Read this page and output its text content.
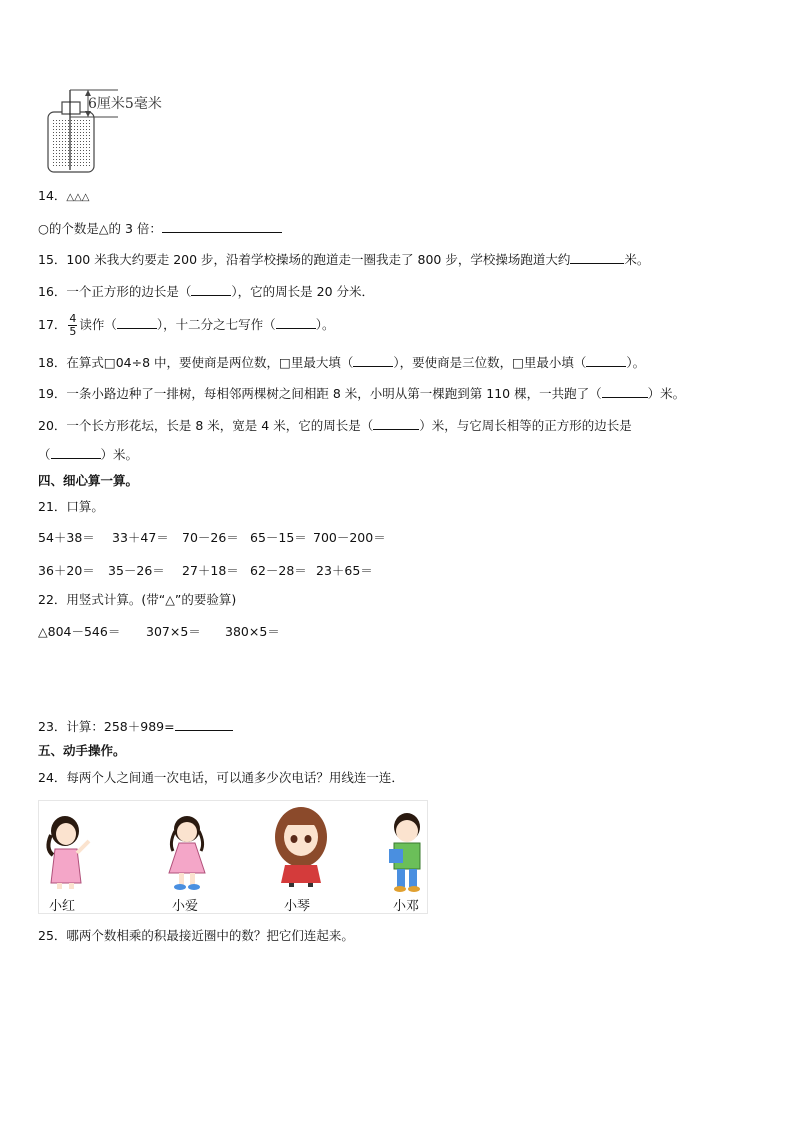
6厘米5毫米
14．△△△
○的个数是△的 3 倍：
15．100 米我大约要走 200 步，沿着学校操场的跑道走一圈我走了 800 步，学校操场跑道大约	米。
16．一个正方形的边长是（	），它的周长是 20 分米．
17． $\frac{4}{5}$ 读作（	），十二分之七写作（	）。
18．在算式□04÷8 中，要使商是两位数，□里最大填（	），要使商是三位数，□里最小填（	）。
19．一条小路边种了一排树，每相邻两棵树之间相距 8 米，小明从第一棵跑到第 110 棵，一共跑了（	）米。
20．一个长方形花坛，长是 8 米，宽是 4 米，它的周长是（	）米，与它周长相等的正方形的边长是
（	）米。
四、细心算一算。
21．口算。
54＋38＝ 33＋47＝ 70－26＝ 65－15＝ 700－200＝
36＋20＝ 35－26＝ 27＋18＝ 62－28＝ 23＋65＝
22．用竖式计算。(带“△”的要验算)
△804－546＝ 307×5＝ 380×5＝
23．计算：258＋989=
五、动手操作。
24．每两个人之间通一次电话，可以通多少次电话？用线连一连．
小红	小爱	小琴	小邓
25．哪两个数相乘的积最接近圈中的数？把它们连起来。
